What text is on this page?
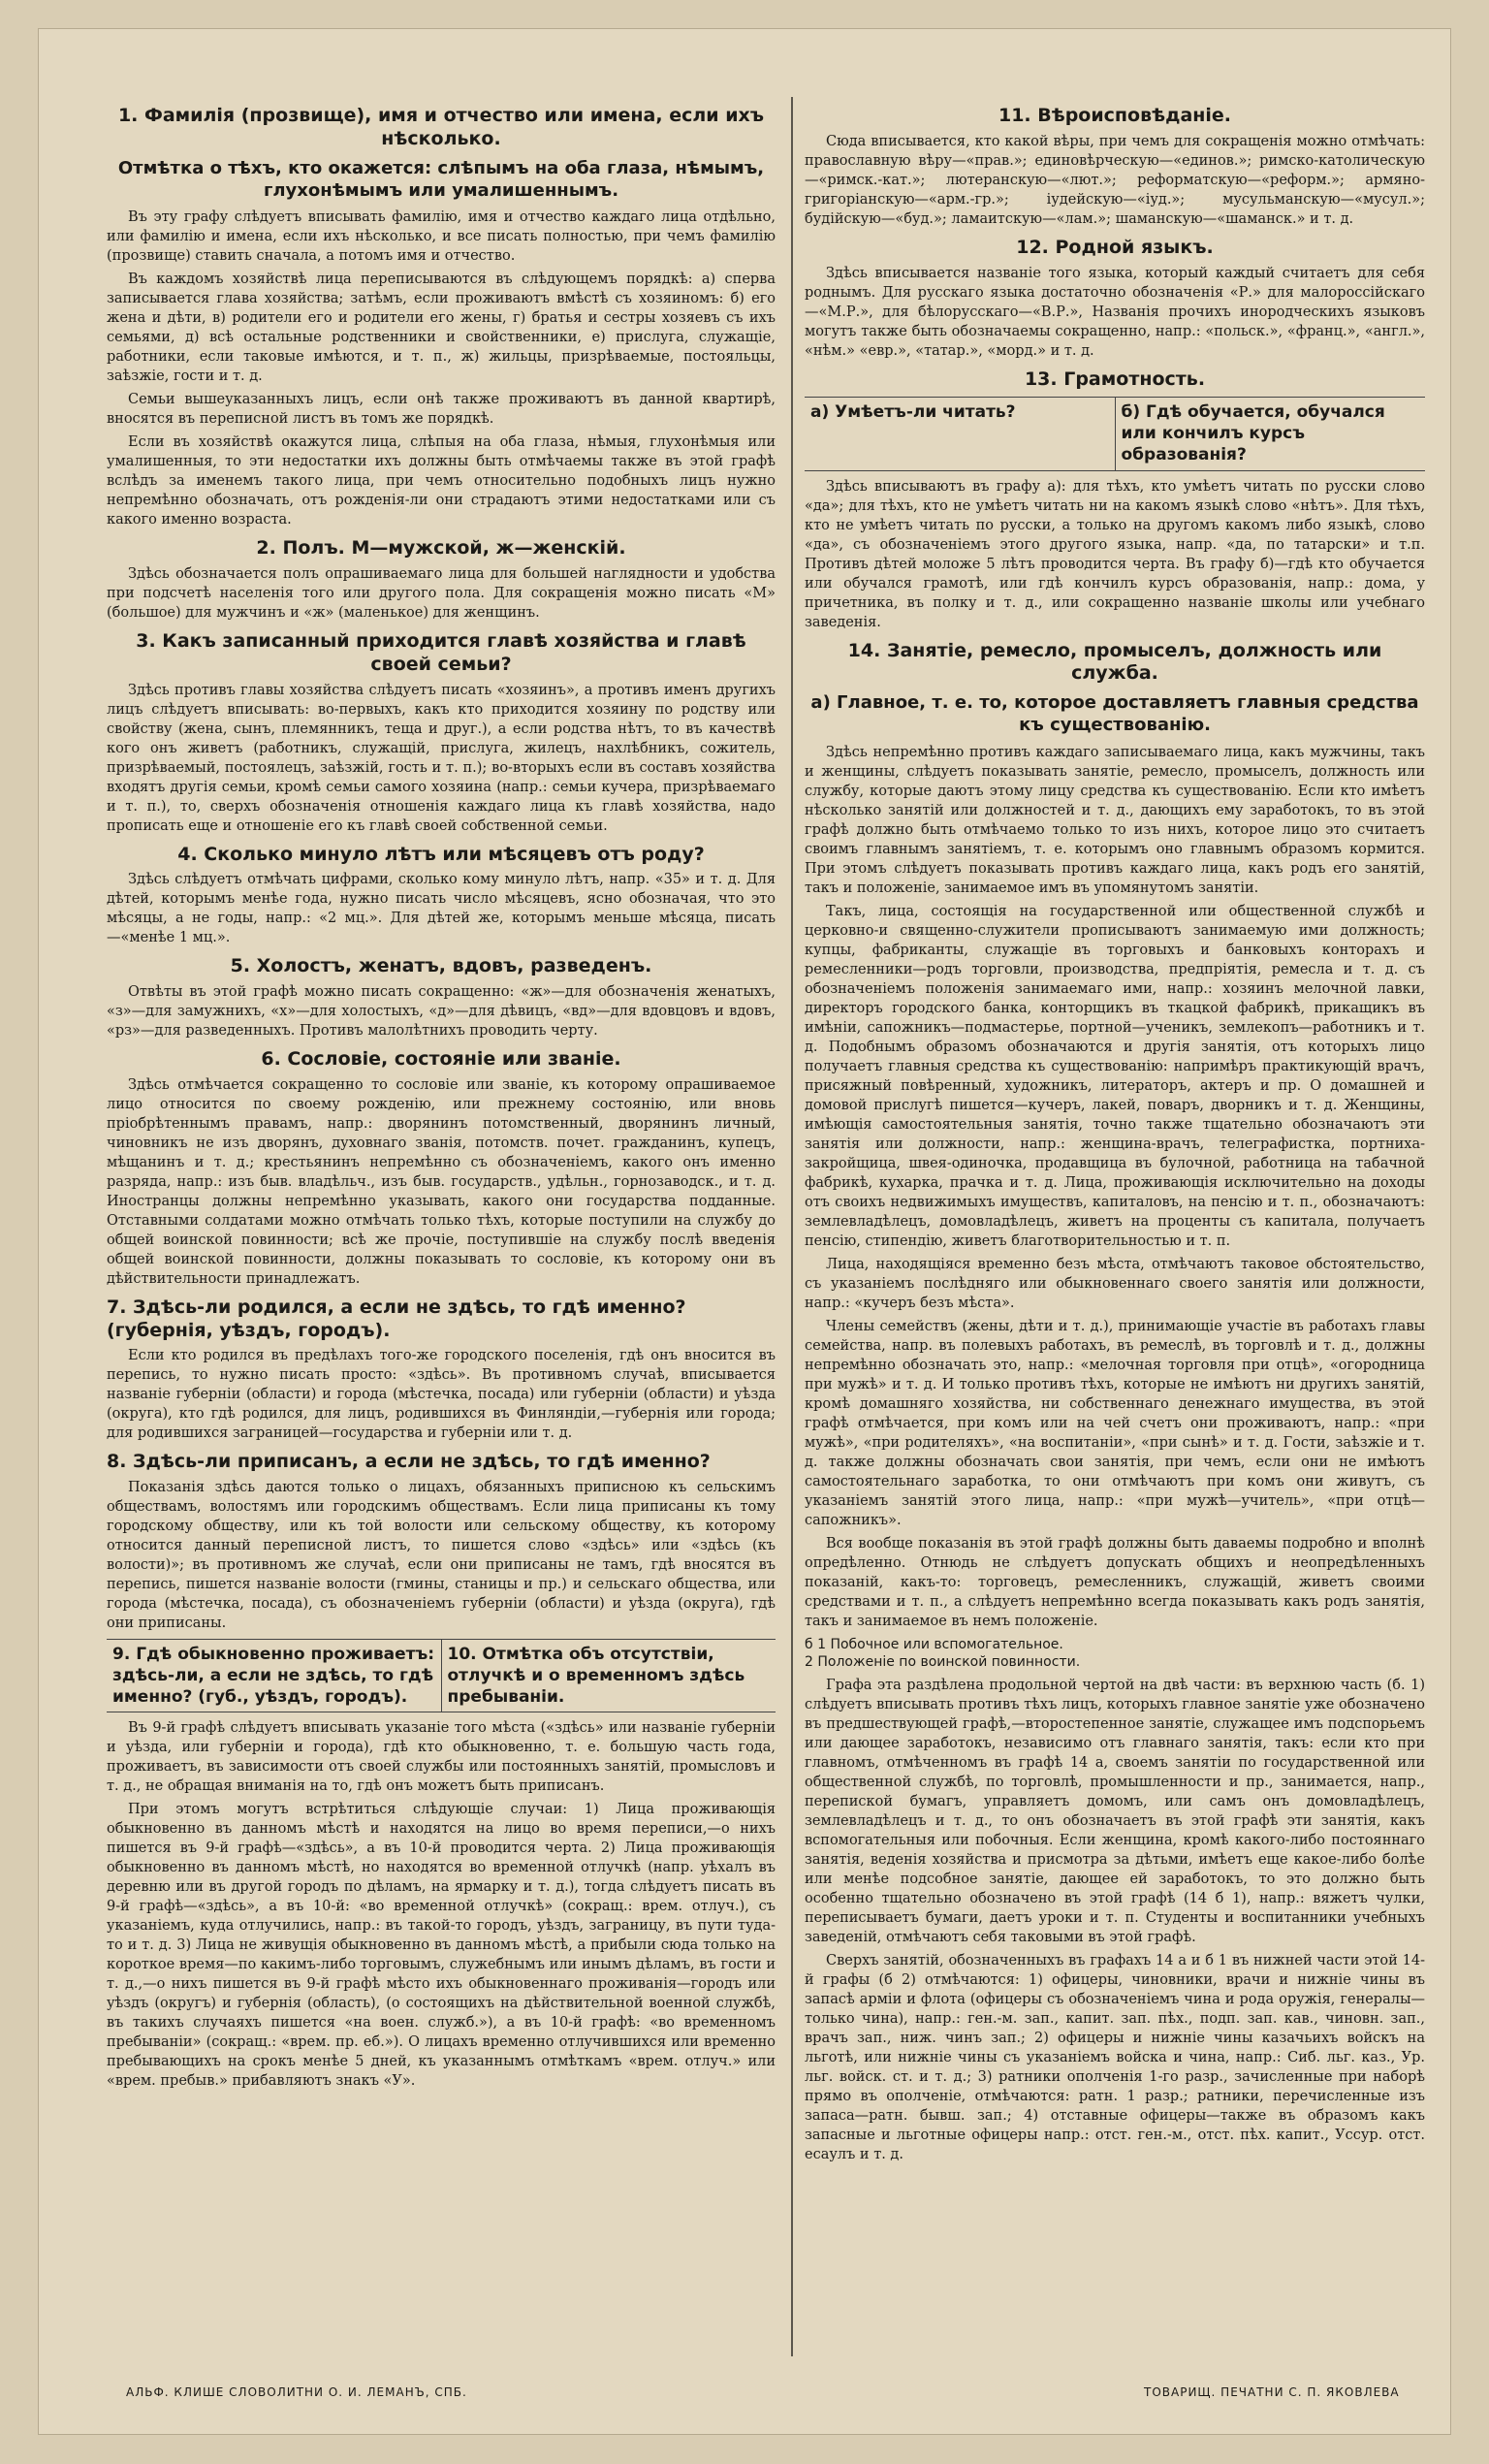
1. Фамилія (прозвище), имя и отчество или имена, если ихъ нѣсколько.
Отмѣтка о тѣхъ, кто окажется: слѣпымъ на оба глаза, нѣмымъ, глухонѣмымъ или умалишеннымъ.

Въ эту графу слѣдуетъ вписывать фамилію, имя и отчество каждаго лица отдѣльно, или фамилію и имена, если ихъ нѣсколько, и все писать полностью, при чемъ фамилію (прозвище) ставить сначала, а потомъ имя и отчество.

Въ каждомъ хозяйствѣ лица переписываются въ слѣдующемъ порядкѣ: а) сперва записывается глава хозяйства; затѣмъ, если проживаютъ вмѣстѣ съ хозяиномъ: б) его жена и дѣти, в) родители его и родители его жены, г) братья и сестры хозяевъ съ ихъ семьями, д) всѣ остальные родственники и свойственники, е) прислуга, служащіе, работники, если таковые имѣются, и т. п., ж) жильцы, призрѣваемые, постояльцы, заѣзжіе, гости и т. д.

Семьи вышеуказанныхъ лицъ, если онѣ также проживаютъ въ данной квартирѣ, вносятся въ переписной листъ въ томъ же порядкѣ.

Если въ хозяйствѣ окажутся лица, слѣпыя на оба глаза, нѣмыя, глухонѣмыя или умалишенныя, то эти недостатки ихъ должны быть отмѣчаемы также въ этой графѣ вслѣдъ за именемъ такого лица, при чемъ относительно подобныхъ лицъ нужно непремѣнно обозначать, отъ рожденія-ли они страдаютъ этими недостатками или съ какого именно возраста.

2. Полъ. М—мужской, ж—женскій.

Здѣсь обозначается полъ опрашиваемаго лица для большей наглядности и удобства при подсчетѣ населенія того или другого пола. Для сокращенія можно писать «М» (большое) для мужчинъ и «ж» (маленькое) для женщинъ.

3. Какъ записанный приходится главѣ хозяйства и главѣ своей семьи?

Здѣсь противъ главы хозяйства слѣдуетъ писать «хозяинъ», а противъ именъ другихъ лицъ слѣдуетъ вписывать: во-первыхъ, какъ кто приходится хозяину по родству или свойству (жена, сынъ, племянникъ, теща и друг.), а если родства нѣтъ, то въ качествѣ кого онъ живетъ (работникъ, служащій, прислуга, жилецъ, нахлѣбникъ, сожитель, призрѣваемый, постоялецъ, заѣзжій, гость и т. п.); во-вторыхъ если въ составъ хозяйства входятъ другія семьи, кромѣ семьи самого хозяина (напр.: семьи кучера, призрѣваемаго и т. п.), то, сверхъ обозначенія отношенія каждаго лица къ главѣ хозяйства, надо прописать еще и отношеніе его къ главѣ своей собственной семьи.

4. Сколько минуло лѣтъ или мѣсяцевъ отъ роду?

Здѣсь слѣдуетъ отмѣчать цифрами, сколько кому минуло лѣтъ, напр. «35» и т. д. Для дѣтей, которымъ менѣе года, нужно писать число мѣсяцевъ, ясно обозначая, что это мѣсяцы, а не годы, напр.: «2 мц.». Для дѣтей же, которымъ меньше мѣсяца, писать—«менѣе 1 мц.».

5. Холостъ, женатъ, вдовъ, разведенъ.

Отвѣты въ этой графѣ можно писать сокращенно: «ж»—для обозначенія женатыхъ, «з»—для замужнихъ, «х»—для холостыхъ, «д»—для дѣвицъ, «вд»—для вдовцовъ и вдовъ, «рз»—для разведенныхъ. Противъ малолѣтнихъ проводить черту.

6. Сословіе, состояніе или званіе.

Здѣсь отмѣчается сокращенно то сословіе или званіе, къ которому опрашиваемое лицо относится по своему рожденію, или прежнему состоянію, или вновь пріобрѣтеннымъ правамъ, напр.: дворянинъ потомственный, дворянинъ личный, чиновникъ не изъ дворянъ, духовнаго званія, потомств. почет. гражданинъ, купецъ, мѣщанинъ и т. д.; крестьянинъ непремѣнно съ обозначеніемъ, какого онъ именно разряда, напр.: изъ быв. владѣльч., изъ быв. государств., удѣльн., горнозаводск., и т. д. Иностранцы должны непремѣнно указывать, какого они государства подданные. Отставными солдатами можно отмѣчать только тѣхъ, которые поступили на службу до общей воинской повинности; всѣ же прочіе, поступившіе на службу послѣ введенія общей воинской повинности, должны показывать то сословіе, къ которому они въ дѣйствительности принадлежатъ.

7. Здѣсь-ли родился, а если не здѣсь, то гдѣ именно? (губернія, уѣздъ, городъ).

Если кто родился въ предѣлахъ того-же городского поселенія, гдѣ онъ вносится въ перепись, то нужно писать просто: «здѣсь». Въ противномъ случаѣ, вписывается названіе губерніи (области) и города (мѣстечка, посада) или губерніи (области) и уѣзда (округа), кто гдѣ родился, для лицъ, родившихся въ Финляндіи,—губернія или города; для родившихся заграницей—государства и губерніи или т. д.

8. Здѣсь-ли приписанъ, а если не здѣсь, то гдѣ именно?

Показанія здѣсь даются только о лицахъ, обязанныхъ приписною къ сельскимъ обществамъ, волостямъ или городскимъ обществамъ. Если лица приписаны къ тому городскому обществу, или къ той волости или сельскому обществу, къ которому относится данный переписной листъ, то пишется слово «здѣсь» или «здѣсь (къ волости)»; въ противномъ же случаѣ, если они приписаны не тамъ, гдѣ вносятся въ перепись, пишется названіе волости (гмины, станицы и пр.) и сельскаго общества, или города (мѣстечка, посада), съ обозначеніемъ губерніи (области) и уѣзда (округа), гдѣ они приписаны.

9. Гдѣ обыкновенно проживаетъ: здѣсь-ли, а если не здѣсь, то гдѣ именно? (губ., уѣздъ, городъ).
10. Отмѣтка объ отсутствіи, отлучкѣ и о временномъ здѣсь пребываніи.

Въ 9-й графѣ слѣдуетъ вписывать указаніе того мѣста («здѣсь» или названіе губерніи и уѣзда, или губерніи и города), гдѣ кто обыкновенно, т. е. большую часть года, проживаетъ, въ зависимости отъ своей службы или постоянныхъ занятій, промысловъ и т. д., не обращая вниманія на то, гдѣ онъ можетъ быть приписанъ.

При этомъ могутъ встрѣтиться слѣдующіе случаи: 1) Лица проживающія обыкновенно въ данномъ мѣстѣ и находятся на лицо во время переписи,—о нихъ пишется въ 9-й графѣ—«здѣсь», а въ 10-й проводится черта. 2) Лица проживающія обыкновенно въ данномъ мѣстѣ, но находятся во временной отлучкѣ (напр. уѣхалъ въ деревню или въ другой городъ по дѣламъ, на ярмарку и т. д.), тогда слѣдуетъ писать въ 9-й графѣ—«здѣсь», а въ 10-й: «во временной отлучкѣ» (сокращ.: врем. отлуч.), съ указаніемъ, куда отлучились, напр.: въ такой-то городъ, уѣздъ, заграницу, въ пути туда-то и т. д. 3) Лица не живущія обыкновенно въ данномъ мѣстѣ, а прибыли сюда только на короткое время—по какимъ-либо торговымъ, служебнымъ или инымъ дѣламъ, въ гости и т. д.,—о нихъ пишется въ 9-й графѣ мѣсто ихъ обыкновеннаго проживанія—городъ или уѣздъ (округъ) и губернія (область), (о состоящихъ на дѣйствительной военной службѣ, въ такихъ случаяхъ пишется «на воен. служб.»), а въ 10-й графѣ: «во временномъ пребываніи» (сокращ.: «врем. пр. еб.»). О лицахъ временно отлучившихся или временно пребывающихъ на срокъ менѣе 5 дней, къ указаннымъ отмѣткамъ «врем. отлуч.» или «врем. пребыв.» прибавляютъ знакъ «У».

11. Вѣроисповѣданіе.

Сюда вписывается, кто какой вѣры, при чемъ для сокращенія можно отмѣчать: православную вѣру—«прав.»; единовѣрческую—«единов.»; римско-католическую—«римск.-кат.»; лютеранскую—«лют.»; реформатскую—«реформ.»; армяно-григоріанскую—«арм.-гр.»; іудейскую—«іуд.»; мусульманскую—«мусул.»; будійскую—«буд.»; ламаитскую—«лам.»; шаманскую—«шаманск.» и т. д.

12. Родной языкъ.

Здѣсь вписывается названіе того языка, который каждый считаетъ для себя роднымъ. Для русскаго языка достаточно обозначенія «Р.» для малороссійскаго—«М.Р.», для бѣлорусскаго—«В.Р.», Названія прочихъ инородческихъ языковъ могутъ также быть обозначаемы сокращенно, напр.: «польск.», «франц.», «англ.», «нѣм.» «евр.», «татар.», «морд.» и т. д.

13. Грамотность.
а) Умѣетъ-ли читать?	б) Гдѣ обучается, обучался или кончилъ курсъ образованія?

Здѣсь вписываютъ въ графу а): для тѣхъ, кто умѣетъ читать по русски слово «да»; для тѣхъ, кто не умѣетъ читать ни на какомъ языкѣ слово «нѣтъ». Для тѣхъ, кто не умѣетъ читать по русски, а только на другомъ какомъ либо языкѣ, слово «да», съ обозначеніемъ этого другого языка, напр. «да, по татарски» и т.п. Противъ дѣтей моложе 5 лѣтъ проводится черта. Въ графу б)—гдѣ кто обучается или обучался грамотѣ, или гдѣ кончилъ курсъ образованія, напр.: дома, у причетника, въ полку и т. д., или сокращенно названіе школы или учебнаго заведенія.

14. Занятіе, ремесло, промыселъ, должность или служба.
а) Главное, т. е. то, которое доставляетъ главныя средства къ существованію.

Здѣсь непремѣнно противъ каждаго записываемаго лица, какъ мужчины, такъ и женщины, слѣдуетъ показывать занятіе, ремесло, промыселъ, должность или службу, которые даютъ этому лицу средства къ существованію. Если кто имѣетъ нѣсколько занятій или должностей и т. д., дающихъ ему заработокъ, то въ этой графѣ должно быть отмѣчаемо только то изъ нихъ, которое лицо это считаетъ своимъ главнымъ занятіемъ, т. е. которымъ оно главнымъ образомъ кормится. При этомъ слѣдуетъ показывать противъ каждаго лица, какъ родъ его занятій, такъ и положеніе, занимаемое имъ въ упомянутомъ занятіи.

Такъ, лица, состоящія на государственной или общественной службѣ и церковно-и священно-служители прописываютъ занимаемую ими должность; купцы, фабриканты, служащіе въ торговыхъ и банковыхъ конторахъ и ремесленники—родъ торговли, производства, предпріятія, ремесла и т. д. съ обозначеніемъ положенія занимаемаго ими, напр.: хозяинъ мелочной лавки, директоръ городского банка, конторщикъ въ ткацкой фабрикѣ, прикащикъ въ имѣніи, сапожникъ—подмастерье, портной—ученикъ, землекопъ—работникъ и т. д. Подобнымъ образомъ обозначаются и другія занятія, отъ которыхъ лицо получаетъ главныя средства къ существованію: напримѣръ практикующій врачъ, присяжный повѣренный, художникъ, литераторъ, актеръ и пр. О домашней и домовой прислугѣ пишется—кучеръ, лакей, поваръ, дворникъ и т. д. Женщины, имѣющія самостоятельныя занятія, точно также тщательно обозначаютъ эти занятія или должности, напр.: женщина-врачъ, телеграфистка, портниха-закройщица, швея-одиночка, продавщица въ булочной, работница на табачной фабрикѣ, кухарка, прачка и т. д. Лица, проживающія исключительно на доходы отъ своихъ недвижимыхъ имуществъ, капиталовъ, на пенсію и т. п., обозначаютъ: землевладѣлецъ, домовладѣлецъ, живетъ на проценты съ капитала, получаетъ пенсію, стипендію, живетъ благотворительностью и т. п.

Лица, находящіяся временно безъ мѣста, отмѣчаютъ таковое обстоятельство, съ указаніемъ послѣдняго или обыкновеннаго своего занятія или должности, напр.: «кучеръ безъ мѣста».

Члены семействъ (жены, дѣти и т. д.), принимающіе участіе въ работахъ главы семейства, напр. въ полевыхъ работахъ, въ ремеслѣ, въ торговлѣ и т. д., должны непремѣнно обозначать это, напр.: «мелочная торговля при отцѣ», «огородница при мужѣ» и т. д. И только противъ тѣхъ, которые не имѣютъ ни другихъ занятій, кромѣ домашняго хозяйства, ни собственнаго денежнаго имущества, въ этой графѣ отмѣчается, при комъ или на чей счетъ они проживаютъ, напр.: «при мужѣ», «при родителяхъ», «на воспитаніи», «при сынѣ» и т. д. Гости, заѣзжіе и т. д. также должны обозначать свои занятія, при чемъ, если они не имѣютъ самостоятельнаго заработка, то они отмѣчаютъ при комъ они живутъ, съ указаніемъ занятій этого лица, напр.: «при мужѣ—учитель», «при отцѣ—сапожникъ».

Вся вообще показанія въ этой графѣ должны быть даваемы подробно и вполнѣ опредѣленно. Отнюдь не слѣдуетъ допускать общихъ и неопредѣленныхъ показаній, какъ-то: торговецъ, ремесленникъ, служащій, живетъ своими средствами и т. п., а слѣдуетъ непремѣнно всегда показывать какъ родъ занятія, такъ и занимаемое въ немъ положеніе.

б 1 Побочное или вспомогательное.
2 Положеніе по воинской повинности.

Графа эта раздѣлена продольной чертой на двѣ части: въ верхнюю часть (б. 1) слѣдуетъ вписывать противъ тѣхъ лицъ, которыхъ главное занятіе уже обозначено въ предшествующей графѣ,—второстепенное занятіе, служащее имъ подспорьемъ или дающее заработокъ, независимо отъ главнаго занятія, такъ: если кто при главномъ, отмѣченномъ въ графѣ 14 а, своемъ занятіи по государственной или общественной службѣ, по торговлѣ, промышленности и пр., занимается, напр., перепиской бумагъ, управляетъ домомъ, или самъ онъ домовладѣлецъ, землевладѣлецъ и т. д., то онъ обозначаетъ въ этой графѣ эти занятія, какъ вспомогательныя или побочныя. Если женщина, кромѣ какого-либо постояннаго занятія, веденія хозяйства и присмотра за дѣтьми, имѣетъ еще какое-либо болѣе или менѣе подсобное занятіе, дающее ей заработокъ, то это должно быть особенно тщательно обозначено въ этой графѣ (14 б 1), напр.: вяжетъ чулки, переписываетъ бумаги, даетъ уроки и т. п. Студенты и воспитанники учебныхъ заведеній, отмѣчаютъ себя таковыми въ этой графѣ.

Сверхъ занятій, обозначенныхъ въ графахъ 14 а и б 1 въ нижней части этой 14-й графы (б 2) отмѣчаются: 1) офицеры, чиновники, врачи и нижніе чины въ запасѣ арміи и флота (офицеры съ обозначеніемъ чина и рода оружія, генералы—только чина), напр.: ген.-м. зап., капит. зап. пѣх., подп. зап. кав., чиновн. зап., врачъ зап., ниж. чинъ зап.; 2) офицеры и нижніе чины казачьихъ войскъ на льготѣ, или нижніе чины съ указаніемъ войска и чина, напр.: Сиб. льг. каз., Ур. льг. войск. ст. и т. д.; 3) ратники ополченія 1-го разр., зачисленные при наборѣ прямо въ ополченіе, отмѣчаются: ратн. 1 разр.; ратники, перечисленные изъ запаса—ратн. бывш. зап.; 4) отставные офицеры—также въ образомъ какъ запасные и льготные офицеры напр.: отст. ген.-м., отст. пѣх. капит., Уссур. отст. есаулъ и т. д.

АЛЬФ. КЛИШЕ СЛОВОЛИТНИ О. И. ЛЕМАНЪ, СПБ.	ТОВАРИЩ. ПЕЧАТНИ С. П. ЯКОВЛЕВА
